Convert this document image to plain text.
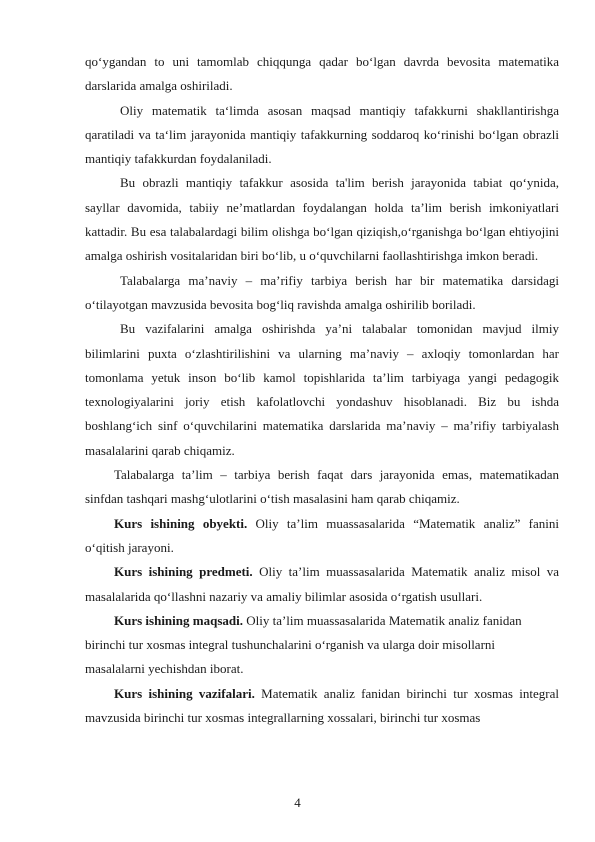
qo‘ygandan to uni tamomlab chiqqunga qadar bo‘lgan davrda bevosita matematika darslarida amalga oshiriladi.

Oliy matematik ta‘limda asosan maqsad mantiqiy tafakkurni shakllantirishga qaratiladi va ta‘lim jarayonida mantiqiy tafakkurning soddaroq ko‘rinishi bo‘lgan obrazli mantiqiy tafakkurdan foydalaniladi.

Bu obrazli mantiqiy tafakkur asosida ta'lim berish jarayonida tabiat qo‘ynida, sayllar davomida, tabiiy ne’matlardan foydalangan holda ta’lim berish imkoniyatlari kattadir. Bu esa talabalardagi bilim olishga bo‘lgan qiziqish,o‘rganishga bo‘lgan ehtiyojini amalga oshirish vositalaridan biri bo‘lib, u o‘quvchilarni faollashtirishga imkon beradi.

Talabalarga ma’naviy – ma’rifiy tarbiya berish har bir matematika darsidagi o‘tilayotgan mavzusida bevosita bog‘liq ravishda amalga oshirilib boriladi.

Bu vazifalarini amalga oshirishda ya’ni talabalar tomonidan mavjud ilmiy bilimlarini puxta o‘zlashtirilishini va ularning ma’naviy – axloqiy tomonlardan har tomonlama yetuk inson bo‘lib kamol topishlarida ta’lim tarbiyaga yangi pedagogik texnologiyalarini joriy etish kafolatlovchi yondashuv hisoblanadi. Biz bu ishda boshlang‘ich sinf o‘quvchilarini matematika darslarida ma’naviy – ma’rifiy tarbiyalash masalalarini qarab chiqamiz.

Talabalarga ta’lim – tarbiya berish faqat dars jarayonida emas, matematikadan sinfdan tashqari mashg‘ulotlarini o‘tish masalasini ham qarab chiqamiz.

Kurs ishining obyekti. Oliy ta’lim muassasalarida “Matematik analiz” fanini o‘qitish jarayoni.

Kurs ishining predmeti. Oliy ta’lim muassasalarida Matematik analiz misol va masalalarida qo‘llashni nazariy va amaliy bilimlar asosida o‘rgatish usullari.

Kurs ishining maqsadi. Oliy ta’lim muassasalarida Matematik analiz fanidan birinchi tur xosmas integral tushunchalarini o‘rganish va ularga doir misollarni

masalalarni yechishdan iborat.

Kurs ishining vazifalari. Matematik analiz fanidan birinchi tur xosmas integral mavzusida birinchi tur xosmas integrallarning xossalari, birinchi tur xosmas

4
